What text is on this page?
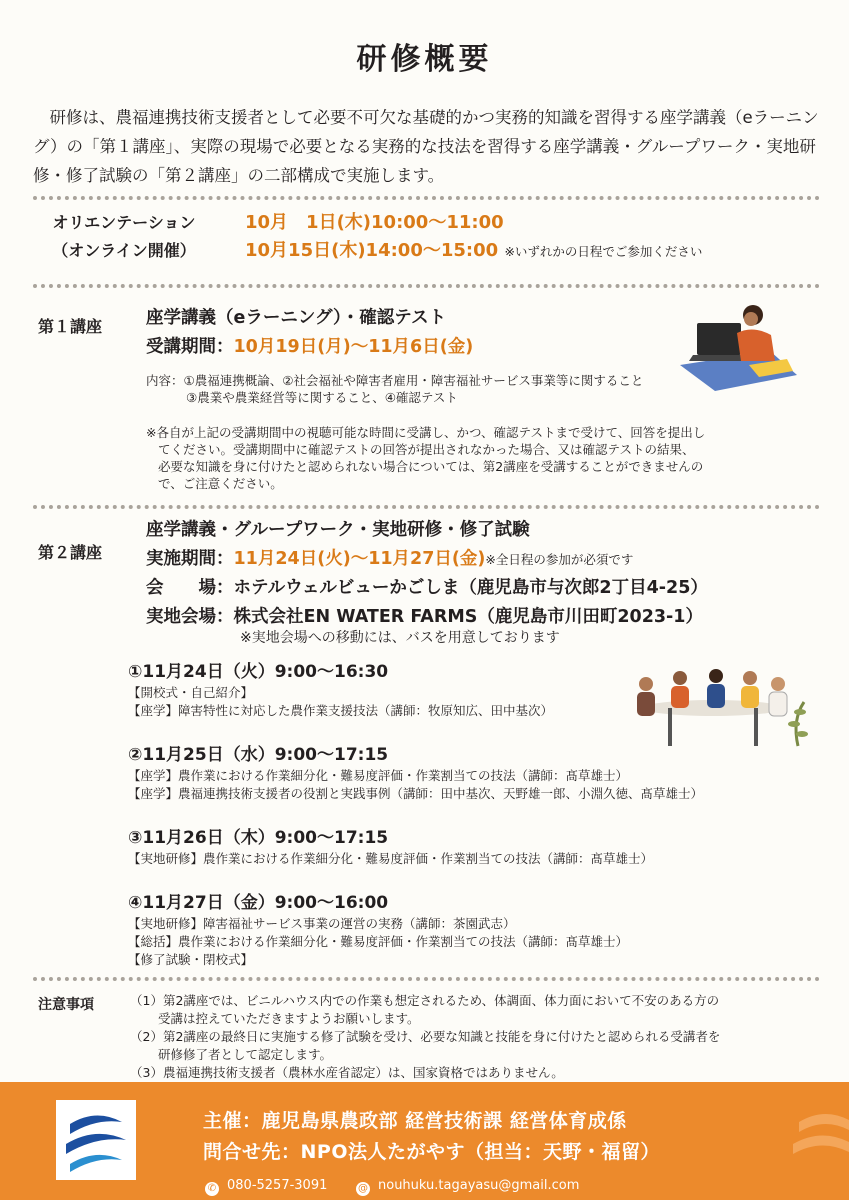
研修概要

研修は、農福連携技術支援者として必要不可欠な基礎的かつ実務的知識を習得する座学講義（eラーニング）の「第１講座」、実際の現場で必要となる実務的な技法を習得する座学講義・グループワーク・実地研修・修了試験の「第２講座」の二部構成で実施します。

オリエンテーション
（オンライン開催）
10月　1日(木)10:00～11:00
10月15日(木)14:00～15:00 ※いずれかの日程でご参加ください
第１講座	座学講義（eラーニング）・確認テスト
受講期間：10月19日(月)～11月6日(金)
内容：①農福連携概論、②社会福祉や障害者雇用・障害福祉サービス事業等に関すること
③農業や農業経営等に関すること、④確認テスト
※各自が上記の受講期間中の視聴可能な時間に受講し、かつ、確認テストまで受けて、回答を提出し
てください。受講期間中に確認テストの回答が提出されなかった場合、又は確認テストの結果、
必要な知識を身に付けたと認められない場合については、第2講座を受講することができませんの
で、ご注意ください。
第２講座
座学講義・グループワーク・実地研修・修了試験
実施期間：11月24日(火)～11月27日(金)※全日程の参加が必須です
会　　場：ホテルウェルビューかごしま（鹿児島市与次郎2丁目4-25）
実地会場：株式会社EN WATER FARMS（鹿児島市川田町2023-1）
※実地会場への移動には、バスを用意しております
①11月24日（火）9:00～16:30
【開校式・自己紹介】
【座学】障害特性に対応した農作業支援技法（講師：牧原知広、田中基次）
②11月25日（水）9:00～17:15
【座学】農作業における作業細分化・難易度評価・作業割当ての技法（講師：髙草雄士）
【座学】農福連携技術支援者の役割と実践事例（講師：田中基次、天野雄一郎、小淵久徳、髙草雄士）
③11月26日（木）9:00～17:15
【実地研修】農作業における作業細分化・難易度評価・作業割当ての技法（講師：髙草雄士）
④11月27日（金）9:00～16:00
【実地研修】障害福祉サービス事業の運営の実務（講師：茶園武志）
【総括】農作業における作業細分化・難易度評価・作業割当ての技法（講師：髙草雄士）
【修了試験・閉校式】
注意事項	（1）第2講座では、ビニルハウス内での作業も想定されるため、体調面、体力面において不安のある方の
受講は控えていただきますようお願いします。
（2）第2講座の最終日に実施する修了試験を受け、必要な知識と技能を身に付けたと認められる受講者を
研修修了者として認定します。
（3）農福連携技術支援者（農林水産省認定）は、国家資格ではありません。
主催：鹿児島県農政部 経営技術課 経営体育成係
問合せ先：NPO法人たがやす（担当：天野・福留）
✆ 080-5257-3091	@ nouhuku.tagayasu@gmail.com
